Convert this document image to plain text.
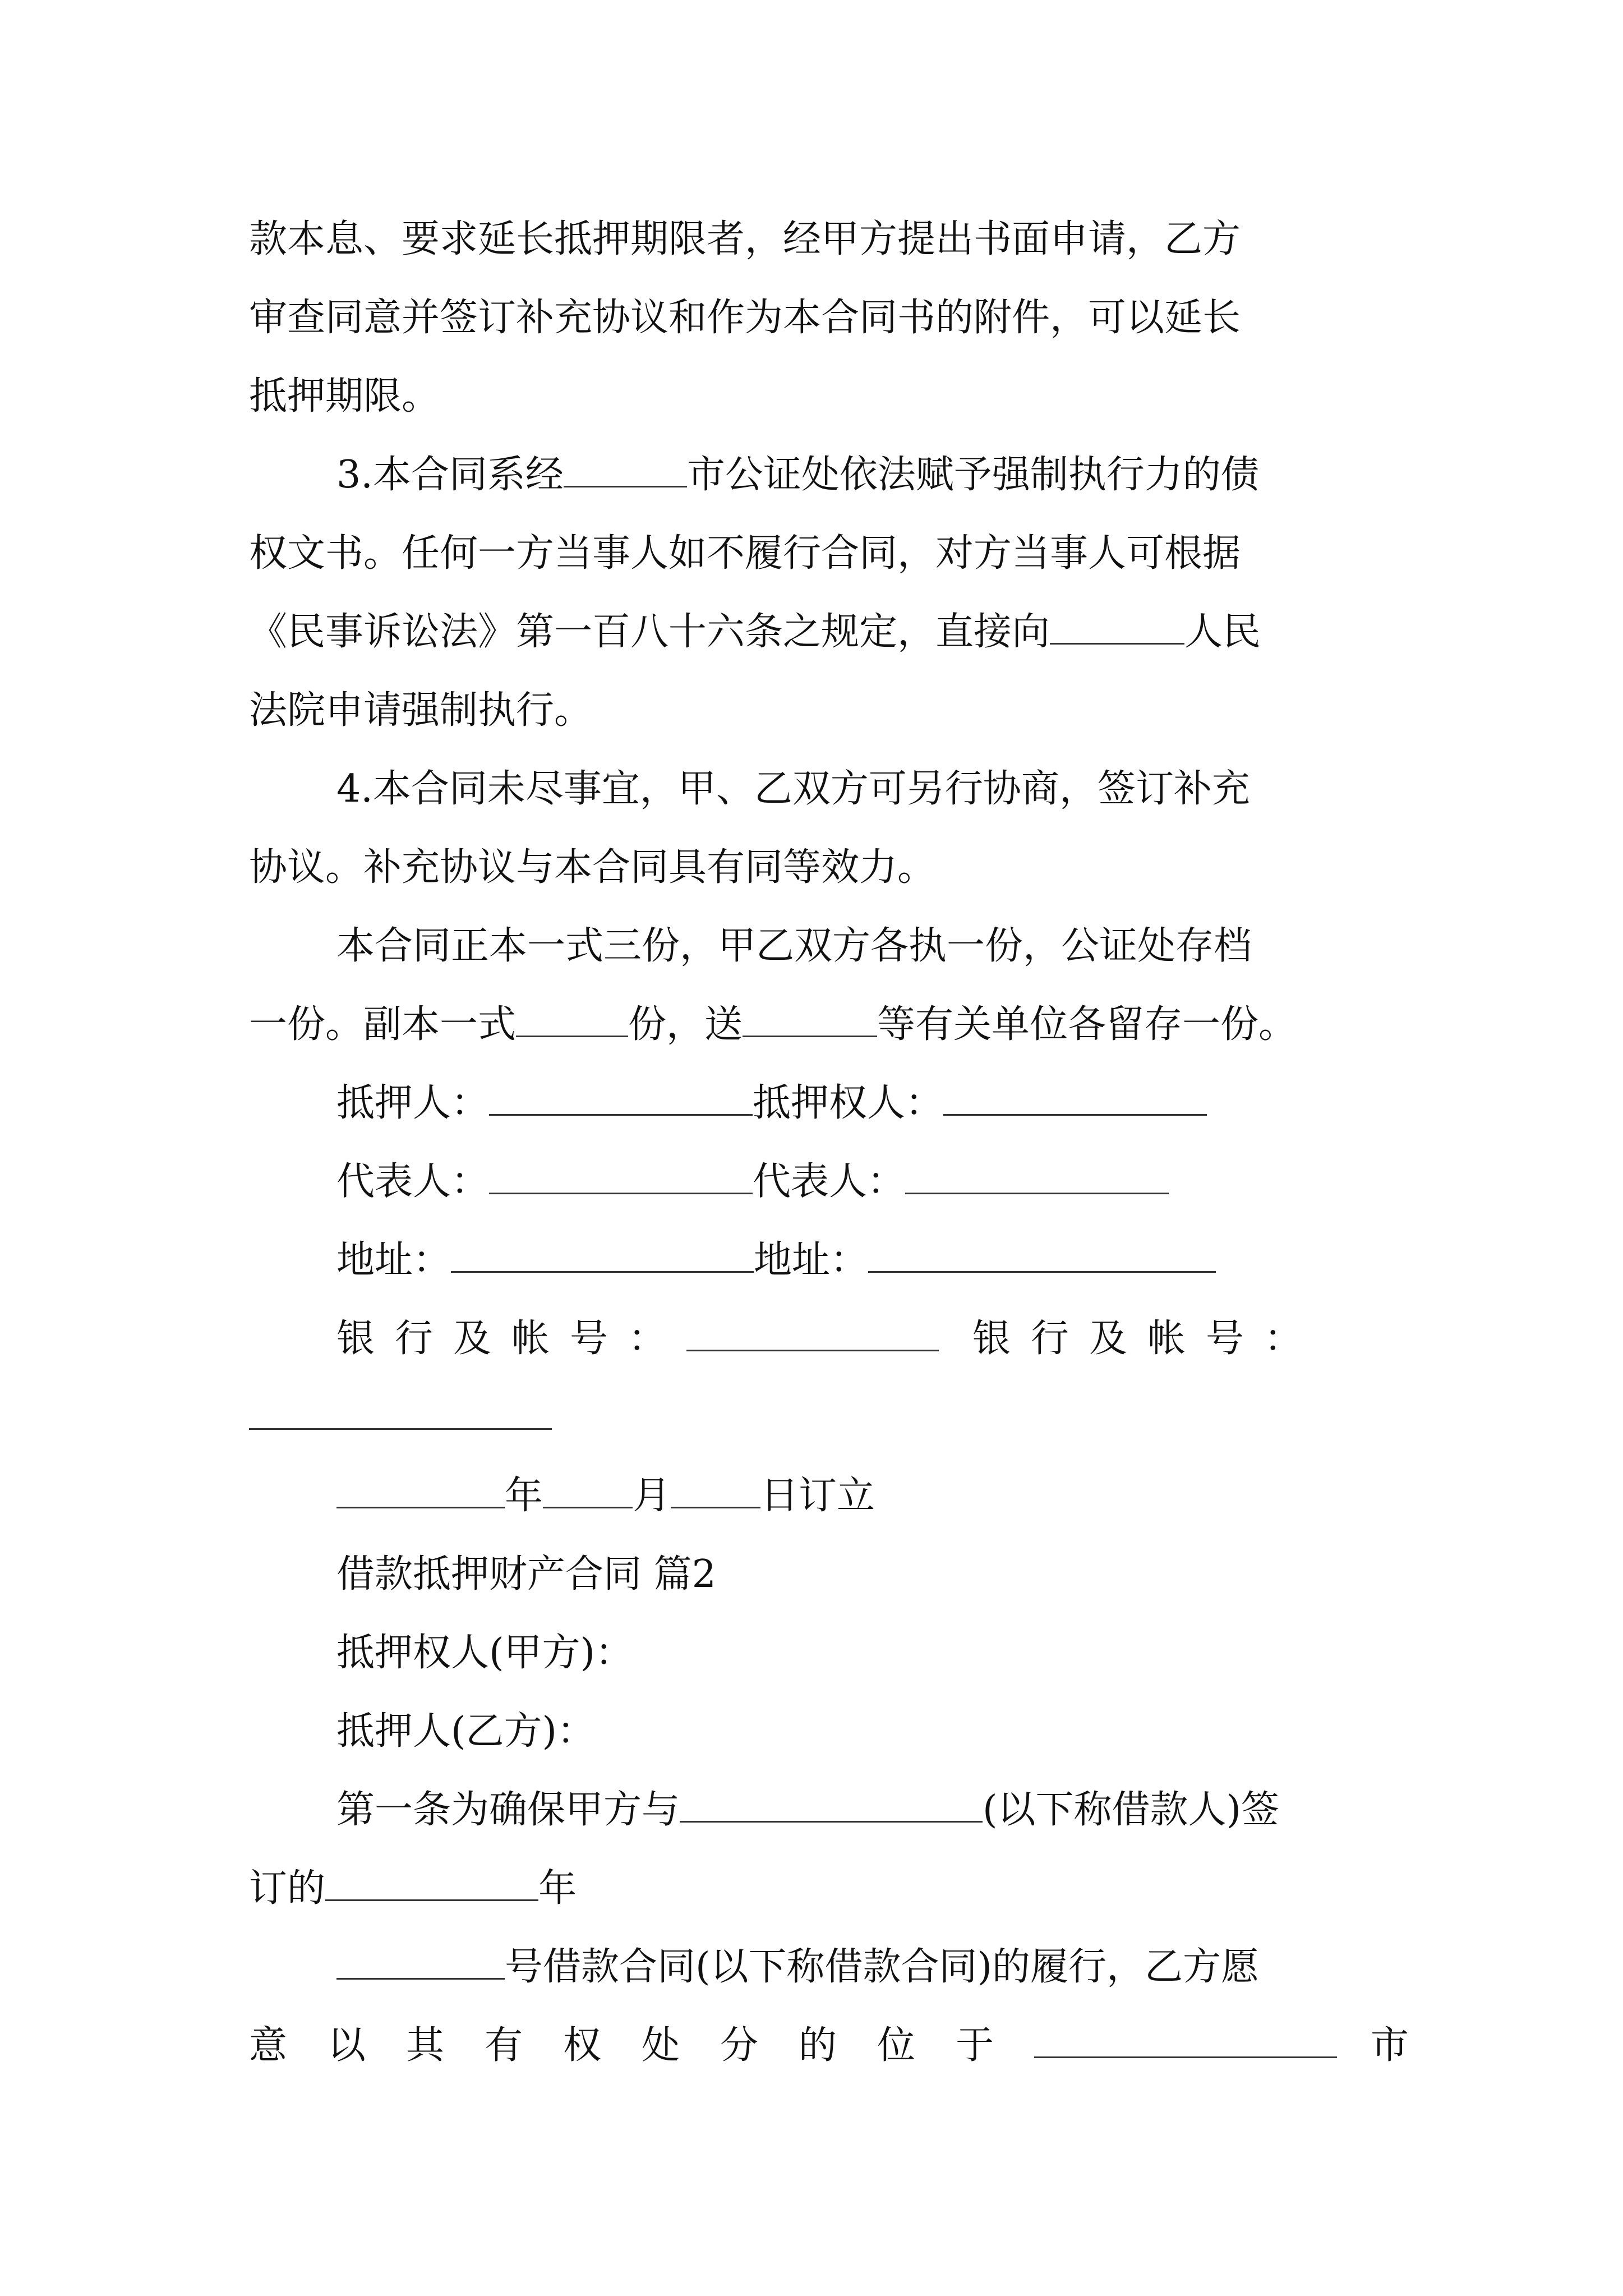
款本息、要求延长抵押期限者，经甲方提出书面申请，乙方
审查同意并签订补充协议和作为本合同书的附件，可以延长
抵押期限。
3.本合同系经	市公证处依法赋予强制执行力的债
权文书。任何一方当事人如不履行合同，对方当事人可根据
《民事诉讼法》第一百八十六条之规定，直接向	人民
法院申请强制执行。
4.本合同未尽事宜，甲、乙双方可另行协商，签订补充
协议。补充协议与本合同具有同等效力。
本合同正本一式三份，甲乙双方各执一份，公证处存档
一份。副本一式	份，送	等有关单位各留存一份。
抵押人：	抵押权人：
代表人：	代表人：
地址：	地址：
银行及帐号：	银行及帐号：
年 月 日订立
借款抵押财产合同 篇2
抵押权人(甲方)：
抵押人(乙方)：
第一条为确保甲方与	(以下称借款人)签
订的	年
号借款合同(以下称借款合同)的履行，乙方愿
意以其有权处分的位于	市
